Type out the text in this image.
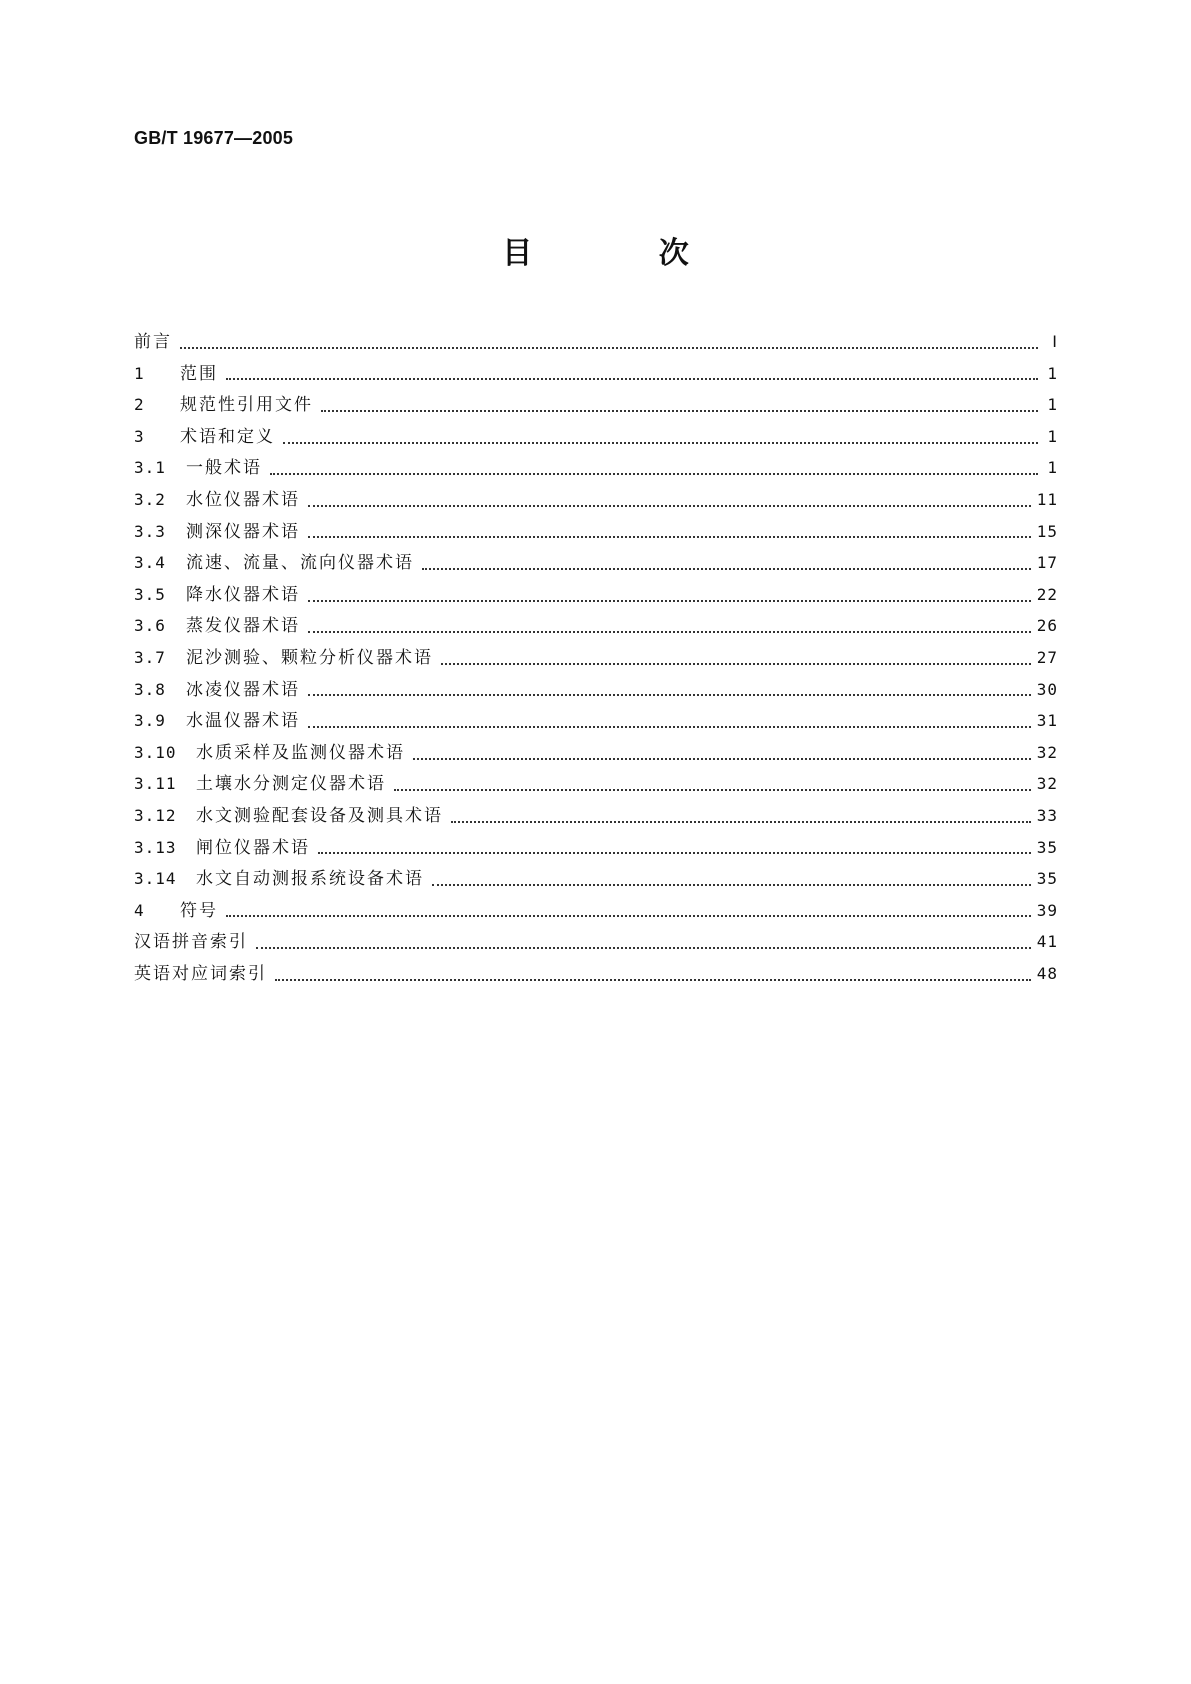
GB/T 19677—2005
目 次
前言	Ⅰ
1	范围	1
2	规范性引用文件	1
3	术语和定义	1
3.1	一般术语	1
3.2	水位仪器术语	11
3.3	测深仪器术语	15
3.4	流速、流量、流向仪器术语	17
3.5	降水仪器术语	22
3.6	蒸发仪器术语	26
3.7	泥沙测验、颗粒分析仪器术语	27
3.8	冰凌仪器术语	30
3.9	水温仪器术语	31
3.10	水质采样及监测仪器术语	32
3.11	土壤水分测定仪器术语	32
3.12	水文测验配套设备及测具术语	33
3.13	闸位仪器术语	35
3.14	水文自动测报系统设备术语	35
4	符号	39
汉语拼音索引	41
英语对应词索引	48
